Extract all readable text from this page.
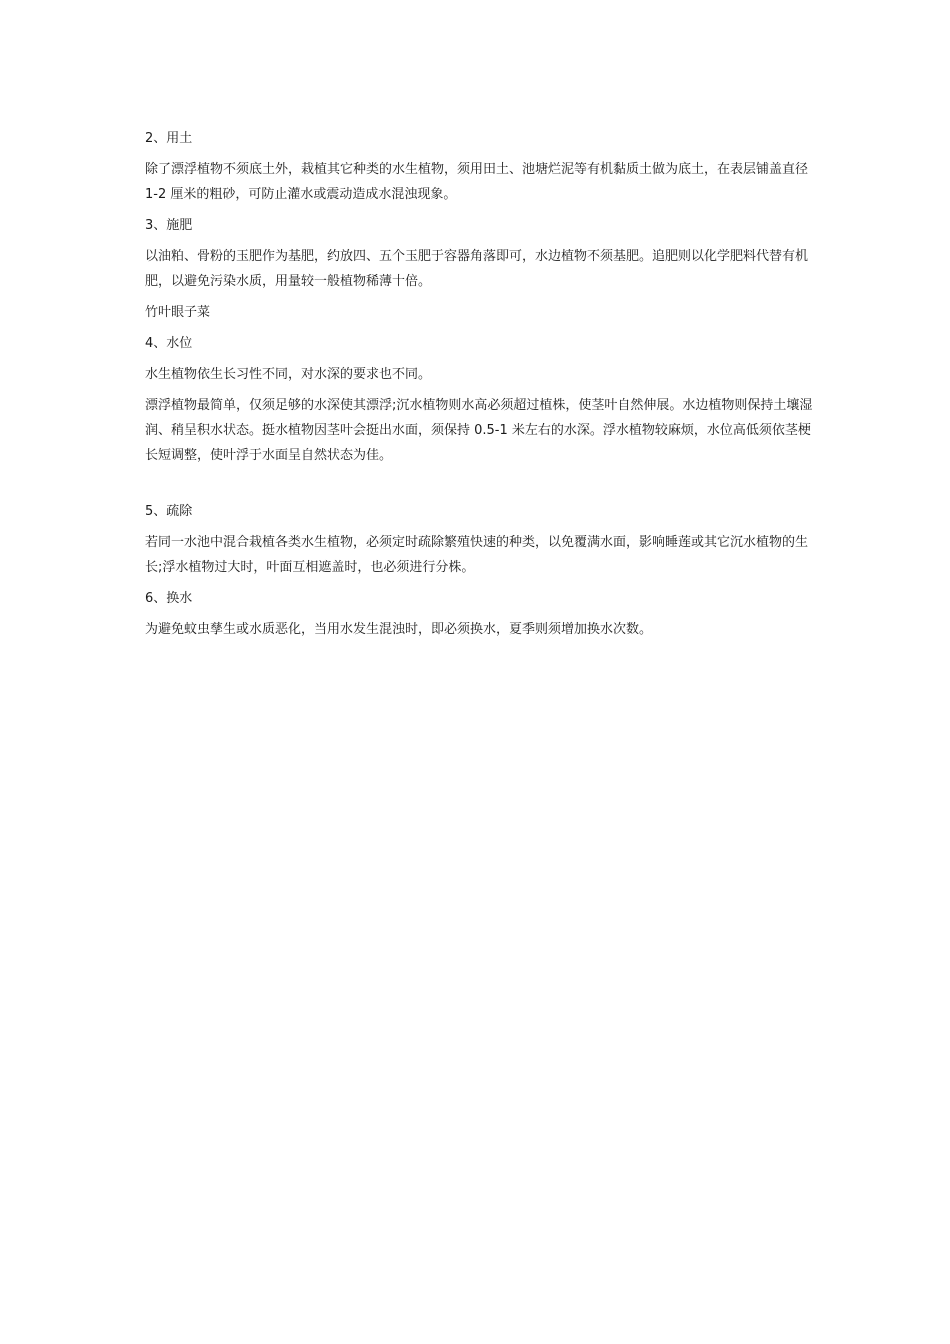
2、用土

除了漂浮植物不须底土外，栽植其它种类的水生植物，须用田土、池塘烂泥等有机黏质土做为底土，在表层铺盖直径 1-2 厘米的粗砂，可防止灌水或震动造成水混浊现象。

3、施肥

以油粕、骨粉的玉肥作为基肥，约放四、五个玉肥于容器角落即可，水边植物不须基肥。追肥则以化学肥料代替有机肥，以避免污染水质，用量较一般植物稀薄十倍。

竹叶眼子菜

4、水位

水生植物依生长习性不同，对水深的要求也不同。

漂浮植物最简单，仅须足够的水深使其漂浮;沉水植物则水高必须超过植株，使茎叶自然伸展。水边植物则保持土壤湿润、稍呈积水状态。挺水植物因茎叶会挺出水面，须保持 0.5-1 米左右的水深。浮水植物较麻烦，水位高低须依茎梗长短调整，使叶浮于水面呈自然状态为佳。

5、疏除

若同一水池中混合栽植各类水生植物，必须定时疏除繁殖快速的种类，以免覆满水面，影响睡莲或其它沉水植物的生长;浮水植物过大时，叶面互相遮盖时，也必须进行分株。

6、换水

为避免蚊虫孳生或水质恶化，当用水发生混浊时，即必须换水，夏季则须增加换水次数。
